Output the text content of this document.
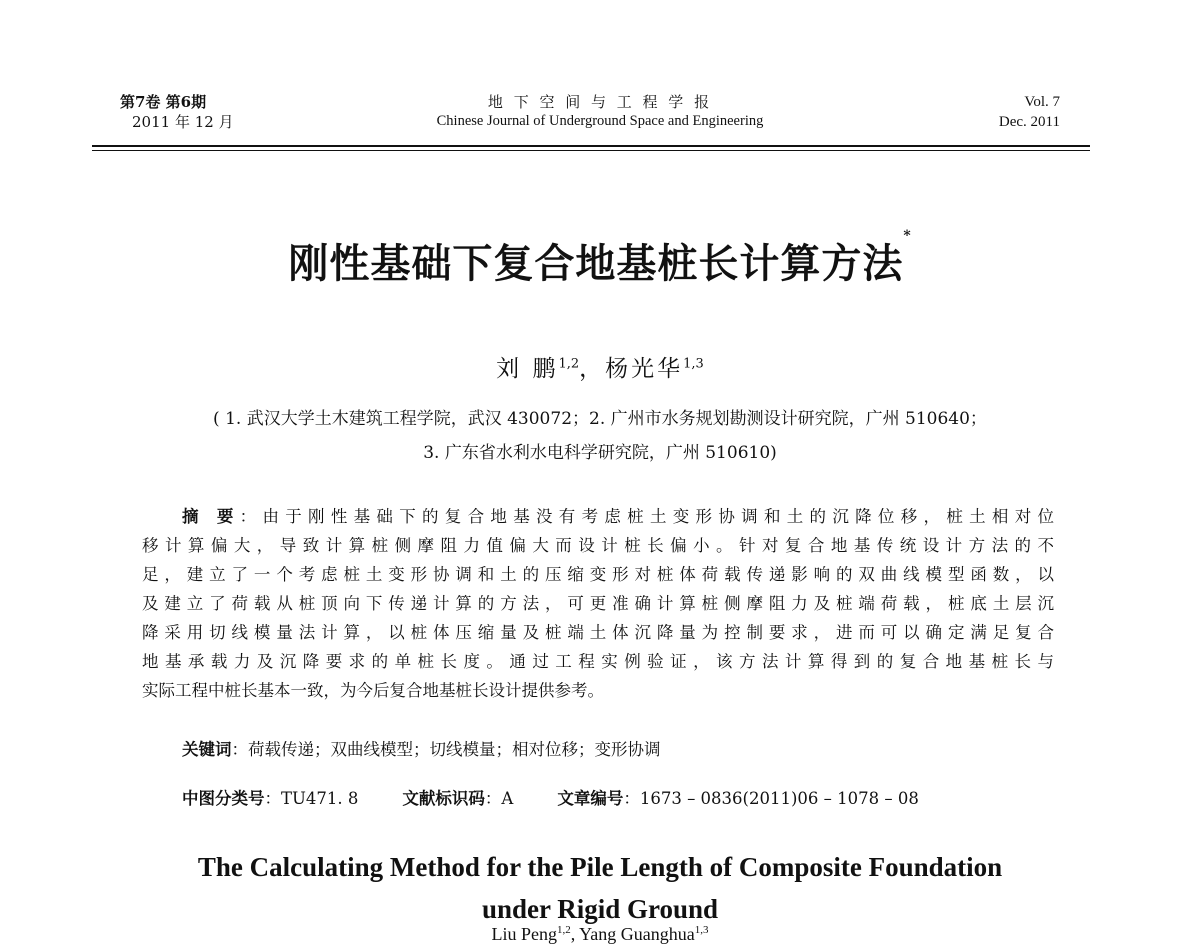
第7卷 第6期
2011 年 12 月
地 下 空 间 与 工 程 学 报
Chinese Journal of Underground Space and Engineering
Vol. 7
Dec. 2011
刚性基础下复合地基桩长计算方法*
刘 鹏$^{1,2}$，杨光华$^{1,3}$
( 1. 武汉大学土木建筑工程学院，武汉 430072；2. 广州市水务规划勘测设计研究院，广州 510640；
3. 广东省水利水电科学研究院，广州 510610)
摘 要：由于刚性基础下的复合地基没有考虑桩土变形协调和土的沉降位移，桩土相对位
移计算偏大，导致计算桩侧摩阻力值偏大而设计桩长偏小。针对复合地基传统设计方法的不
足，建立了一个考虑桩土变形协调和土的压缩变形对桩体荷载传递影响的双曲线模型函数，以
及建立了荷载从桩顶向下传递计算的方法，可更准确计算桩侧摩阻力及桩端荷载，桩底土层沉
降采用切线模量法计算，以桩体压缩量及桩端土体沉降量为控制要求，进而可以确定满足复合
地基承载力及沉降要求的单桩长度。通过工程实例验证，该方法计算得到的复合地基桩长与
实际工程中桩长基本一致，为今后复合地基桩长设计提供参考。
关键词：荷载传递；双曲线模型；切线模量；相对位移；变形协调
中图分类号：TU471. 8	文献标识码：A	文章编号：1673 – 0836(2011)06 – 1078 – 08
The Calculating Method for the Pile Length of Composite Foundation
under Rigid Ground
Liu Peng$^{1,2}$, Yang Guanghua$^{1,3}$
